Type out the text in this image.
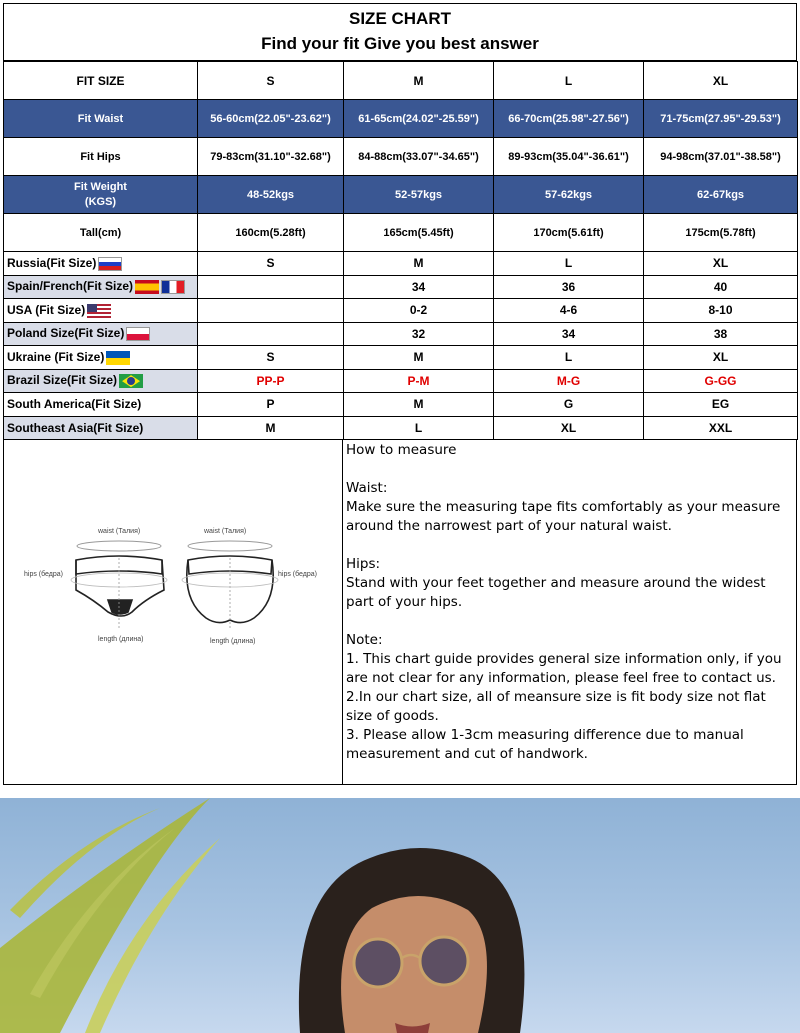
SIZE CHART
Find your fit Give you best answer
FIT SIZE	S	M	L	XL
Fit Waist	56-60cm(22.05"-23.62")	61-65cm(24.02"-25.59")	66-70cm(25.98"-27.56")	71-75cm(27.95"-29.53")
Fit Hips	79-83cm(31.10"-32.68")	84-88cm(33.07"-34.65")	89-93cm(35.04"-36.61")	94-98cm(37.01"-38.58")
Fit Weight
(KGS)	48-52kgs	52-57kgs	57-62kgs	62-67kgs
Tall(cm)	160cm(5.28ft)	165cm(5.45ft)	170cm(5.61ft)	175cm(5.78ft)
Russia(Fit Size)	S	M	L	XL
Spain/French(Fit Size)		34	36	40
USA (Fit Size)		0-2	4-6	8-10
Poland Size(Fit Size)		32	34	38
Ukraine (Fit Size)	S	M	L	XL
Brazil Size(Fit Size)	PP-P	P-M	M-G	G-GG
South America(Fit Size)	P	M	G	EG
Southeast Asia(Fit Size)	M	L	XL	XXL
waist (Талия)	waist (Талия)
hips (бедра)	hips (бедра)
length (длина)	length (длина)

How to measure

Waist:

Make sure the measuring tape fits comfortably as your measure around the narrowest part of your natural waist.

Hips:

Stand with your feet together and measure around the widest part of your hips.

Note:

1. This chart guide provides general size information only, if you are not clear for any information, please feel free to contact us.

2.In our chart size, all of meansure size is fit body size not flat size of goods.

3. Please allow 1-3cm measuring difference due to manual measurement and cut of handwork.
